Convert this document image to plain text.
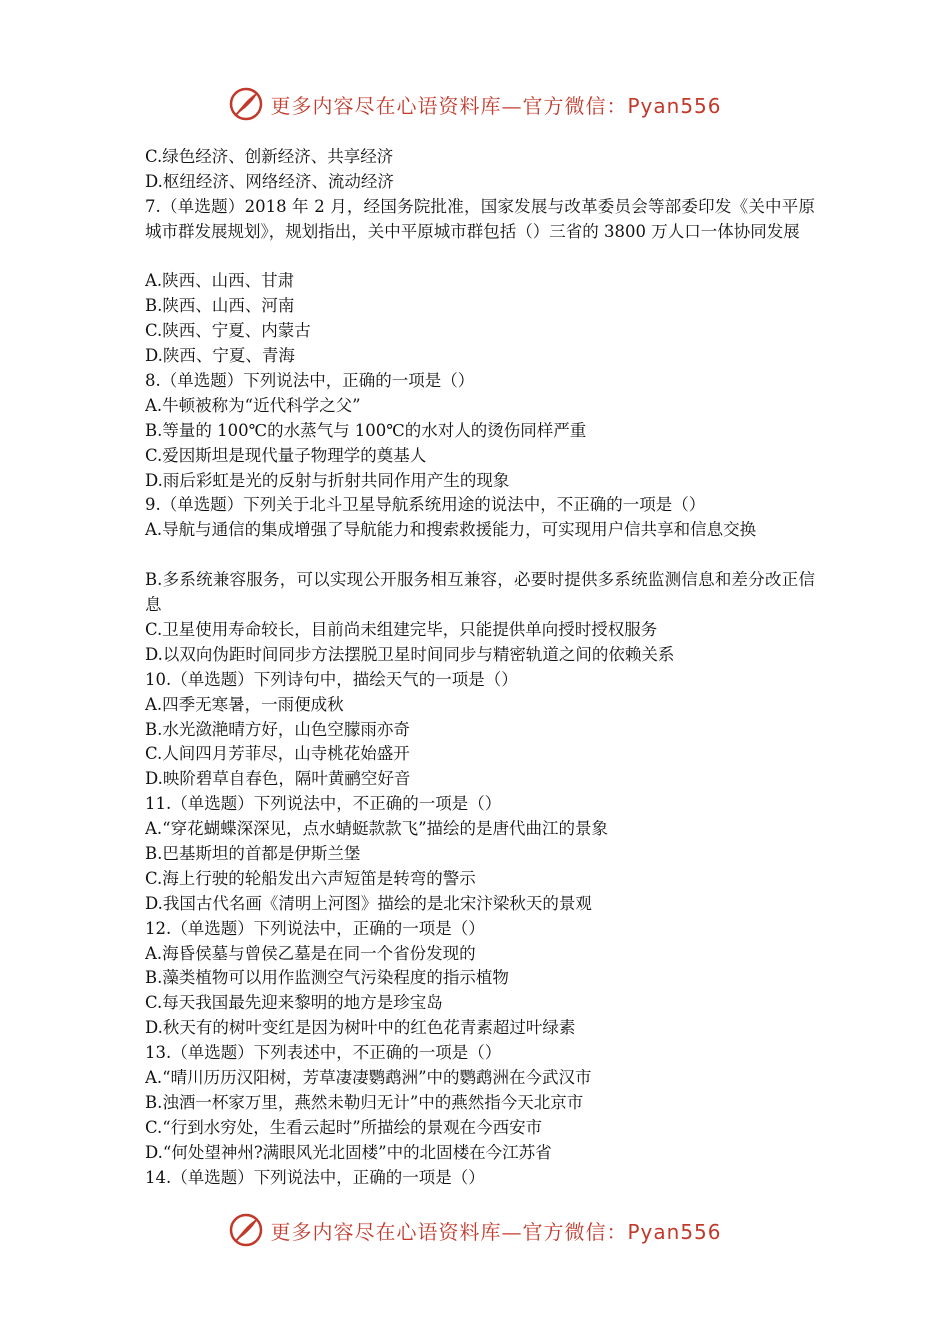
更多内容尽在心语资料库—官方微信：Pyan556
C.绿色经济、创新经济、共享经济
D.枢纽经济、网络经济、流动经济
7.（单选题）2018 年 2 月，经国务院批准，国家发展与改革委员会等部委印发《关中平原城市群发展规划》，规划指出，关中平原城市群包括（）三省的 3800 万人口一体协同发展
A.陕西、山西、甘肃
B.陕西、山西、河南
C.陕西、宁夏、内蒙古
D.陕西、宁夏、青海
8.（单选题）下列说法中，正确的一项是（）
A.牛顿被称为“近代科学之父”
B.等量的 100℃的水蒸气与 100℃的水对人的烫伤同样严重
C.爱因斯坦是现代量子物理学的奠基人
D.雨后彩虹是光的反射与折射共同作用产生的现象
9.（单选题）下列关于北斗卫星导航系统用途的说法中，不正确的一项是（）
A.导航与通信的集成增强了导航能力和搜索救援能力，可实现用户信共享和信息交换
B.多系统兼容服务，可以实现公开服务相互兼容，必要时提供多系统监测信息和差分改正信息
C.卫星使用寿命较长，目前尚未组建完毕，只能提供单向授时授权服务
D.以双向伪距时间同步方法摆脱卫星时间同步与精密轨道之间的依赖关系
10.（单选题）下列诗句中，描绘天气的一项是（）
A.四季无寒暑，一雨便成秋
B.水光潋滟晴方好，山色空朦雨亦奇
C.人间四月芳菲尽，山寺桃花始盛开
D.映阶碧草自春色，隔叶黄鹂空好音
11.（单选题）下列说法中，不正确的一项是（）
A.“穿花蝴蝶深深见，点水蜻蜓款款飞”描绘的是唐代曲江的景象
B.巴基斯坦的首都是伊斯兰堡
C.海上行驶的轮船发出六声短笛是转弯的警示
D.我国古代名画《清明上河图》描绘的是北宋汴梁秋天的景观
12.（单选题）下列说法中，正确的一项是（）
A.海昏侯墓与曾侯乙墓是在同一个省份发现的
B.藻类植物可以用作监测空气污染程度的指示植物
C.每天我国最先迎来黎明的地方是珍宝岛
D.秋天有的树叶变红是因为树叶中的红色花青素超过叶绿素
13.（单选题）下列表述中，不正确的一项是（）
A.“晴川历历汉阳树，芳草凄凄鹦鹉洲”中的鹦鹉洲在今武汉市
B.浊酒一杯家万里，燕然未勒归无计”中的燕然指今天北京市
C.“行到水穷处，生看云起时”所描绘的景观在今西安市
D.“何处望神州?满眼风光北固楼”中的北固楼在今江苏省
14.（单选题）下列说法中，正确的一项是（）
更多内容尽在心语资料库—官方微信：Pyan556
